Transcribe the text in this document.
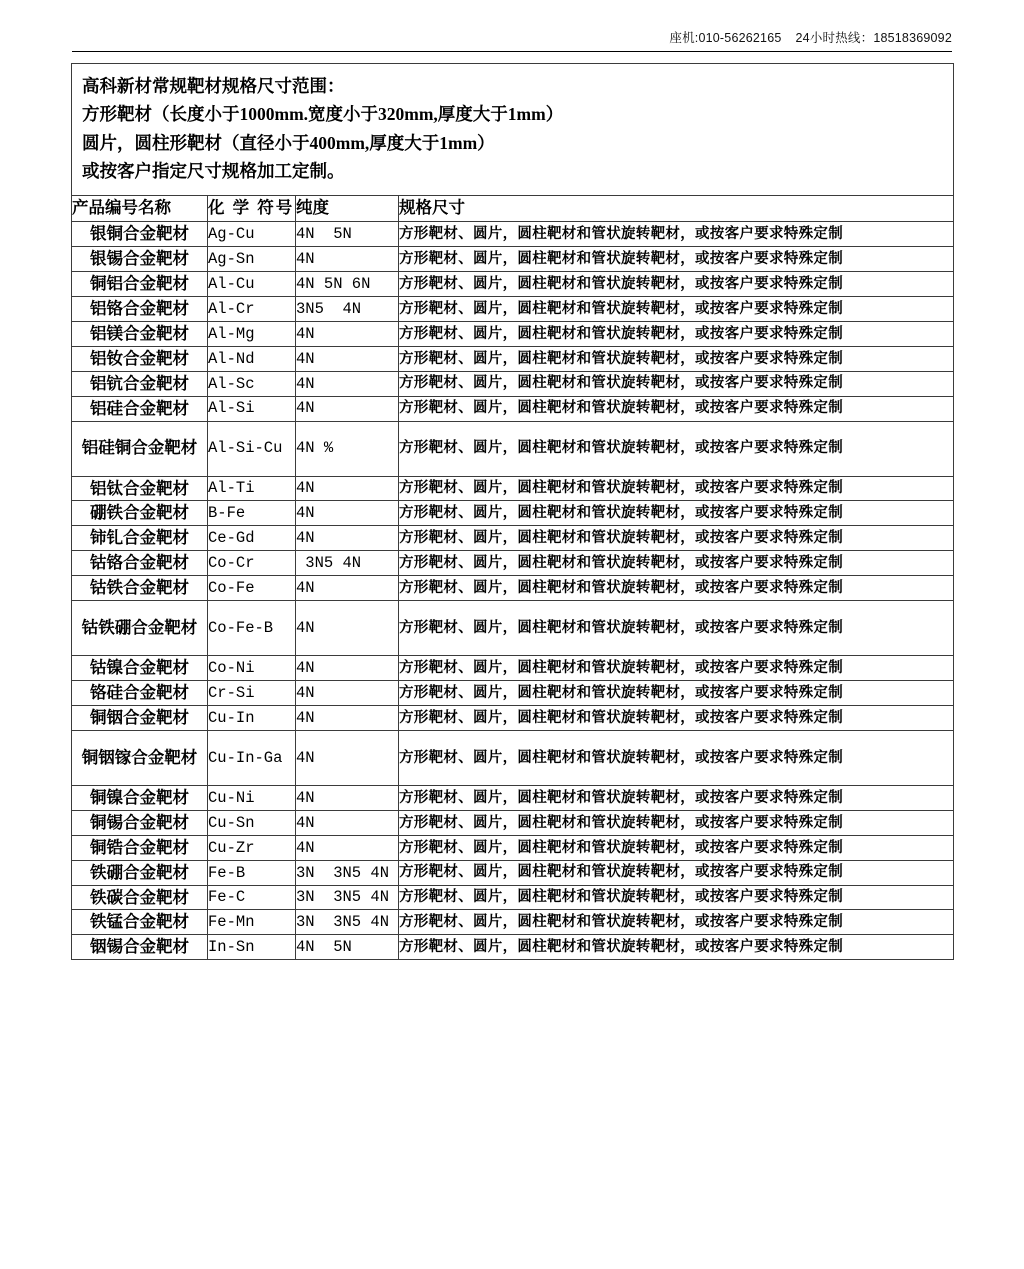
座机:010-56262165 24小时热线：18518369092
高科新材常规靶材规格尺寸范围：
方形靶材（长度小于1000mm.宽度小于320mm,厚度大于1mm）
圆片，圆柱形靶材（直径小于400mm,厚度大于1mm）
或按客户指定尺寸规格加工定制。			

产品编号名称	化 学 符号	纯度	规格尺寸
银铜合金靶材	Ag-Cu	4N  5N	方形靶材、圆片，圆柱靶材和管状旋转靶材，或按客户要求特殊定制
银锡合金靶材	Ag-Sn	4N	方形靶材、圆片，圆柱靶材和管状旋转靶材，或按客户要求特殊定制
铜铝合金靶材	Al-Cu	4N 5N 6N	方形靶材、圆片，圆柱靶材和管状旋转靶材，或按客户要求特殊定制
铝铬合金靶材	Al-Cr	3N5  4N	方形靶材、圆片，圆柱靶材和管状旋转靶材，或按客户要求特殊定制
铝镁合金靶材	Al-Mg	4N	方形靶材、圆片，圆柱靶材和管状旋转靶材，或按客户要求特殊定制
铝钕合金靶材	Al-Nd	4N	方形靶材、圆片，圆柱靶材和管状旋转靶材，或按客户要求特殊定制
铝钪合金靶材	Al-Sc	4N	方形靶材、圆片，圆柱靶材和管状旋转靶材，或按客户要求特殊定制
铝硅合金靶材	Al-Si	4N	方形靶材、圆片，圆柱靶材和管状旋转靶材，或按客户要求特殊定制
铝硅铜合金靶材	Al-Si-Cu	4N %	方形靶材、圆片，圆柱靶材和管状旋转靶材，或按客户要求特殊定制
铝钛合金靶材	Al-Ti	4N	方形靶材、圆片，圆柱靶材和管状旋转靶材，或按客户要求特殊定制
硼铁合金靶材	B-Fe	4N	方形靶材、圆片，圆柱靶材和管状旋转靶材，或按客户要求特殊定制
铈钆合金靶材	Ce-Gd	4N	方形靶材、圆片，圆柱靶材和管状旋转靶材，或按客户要求特殊定制
钴铬合金靶材	Co-Cr	3N5 4N	方形靶材、圆片，圆柱靶材和管状旋转靶材，或按客户要求特殊定制
钴铁合金靶材	Co-Fe	4N	方形靶材、圆片，圆柱靶材和管状旋转靶材，或按客户要求特殊定制
钴铁硼合金靶材	Co-Fe-B	4N	方形靶材、圆片，圆柱靶材和管状旋转靶材，或按客户要求特殊定制
钴镍合金靶材	Co-Ni	4N	方形靶材、圆片，圆柱靶材和管状旋转靶材，或按客户要求特殊定制
铬硅合金靶材	Cr-Si	4N	方形靶材、圆片，圆柱靶材和管状旋转靶材，或按客户要求特殊定制
铜铟合金靶材	Cu-In	4N	方形靶材、圆片，圆柱靶材和管状旋转靶材，或按客户要求特殊定制
铜铟镓合金靶材	Cu-In-Ga	4N	方形靶材、圆片，圆柱靶材和管状旋转靶材，或按客户要求特殊定制
铜镍合金靶材	Cu-Ni	4N	方形靶材、圆片，圆柱靶材和管状旋转靶材，或按客户要求特殊定制
铜锡合金靶材	Cu-Sn	4N	方形靶材、圆片，圆柱靶材和管状旋转靶材，或按客户要求特殊定制
铜锆合金靶材	Cu-Zr	4N	方形靶材、圆片，圆柱靶材和管状旋转靶材，或按客户要求特殊定制
铁硼合金靶材	Fe-B	3N  3N5 4N	方形靶材、圆片，圆柱靶材和管状旋转靶材，或按客户要求特殊定制
铁碳合金靶材	Fe-C	3N  3N5 4N	方形靶材、圆片，圆柱靶材和管状旋转靶材，或按客户要求特殊定制
铁锰合金靶材	Fe-Mn	3N  3N5 4N	方形靶材、圆片，圆柱靶材和管状旋转靶材，或按客户要求特殊定制
铟锡合金靶材	In-Sn	4N  5N	方形靶材、圆片，圆柱靶材和管状旋转靶材，或按客户要求特殊定制
